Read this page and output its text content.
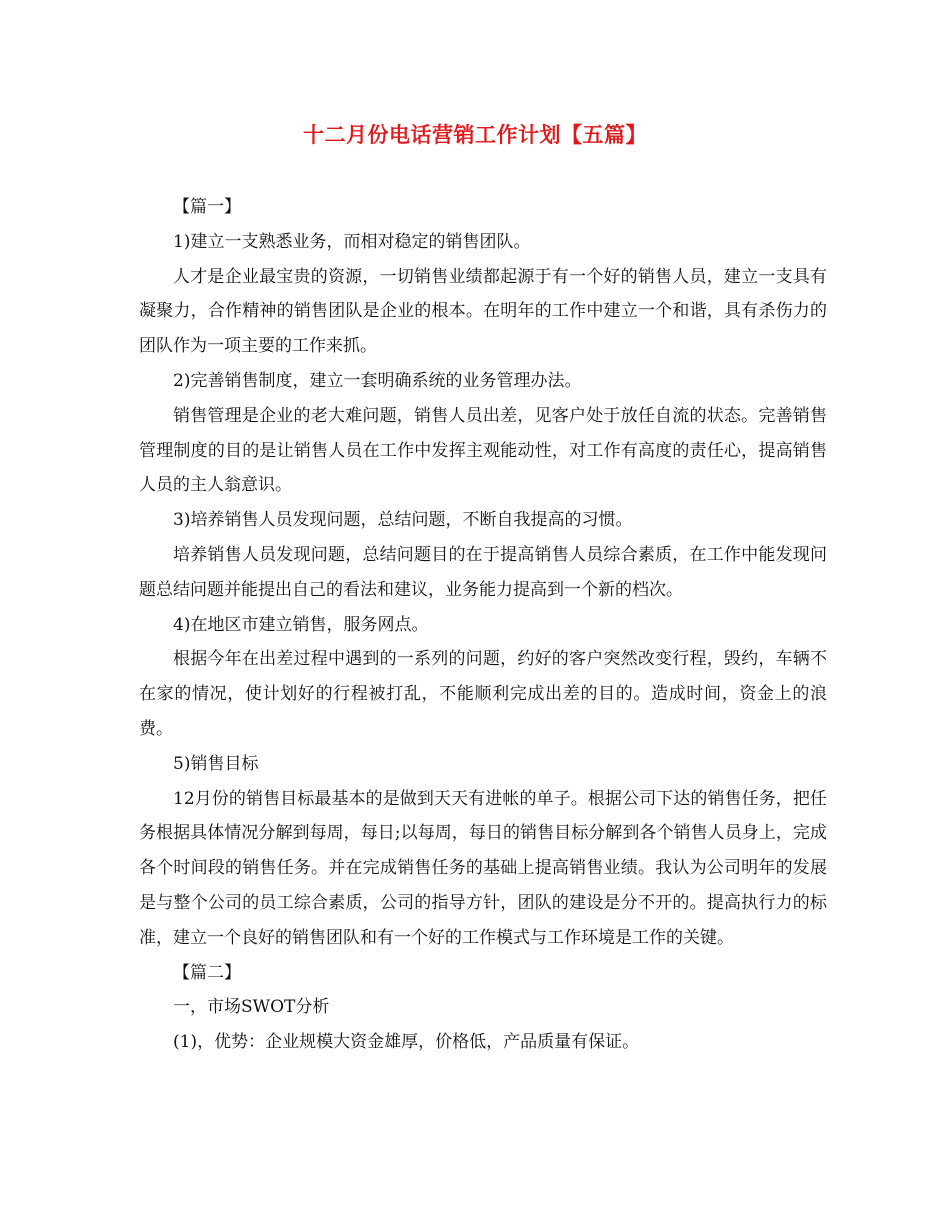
十二月份电话营销工作计划【五篇】

【篇一】

1)建立一支熟悉业务，而相对稳定的销售团队。

人才是企业最宝贵的资源，一切销售业绩都起源于有一个好的销售人员，建立一支具有凝聚力，合作精神的销售团队是企业的根本。在明年的工作中建立一个和谐，具有杀伤力的团队作为一项主要的工作来抓。

2)完善销售制度，建立一套明确系统的业务管理办法。

销售管理是企业的老大难问题，销售人员出差，见客户处于放任自流的状态。完善销售管理制度的目的是让销售人员在工作中发挥主观能动性，对工作有高度的责任心，提高销售人员的主人翁意识。

3)培养销售人员发现问题，总结问题，不断自我提高的习惯。

培养销售人员发现问题，总结问题目的在于提高销售人员综合素质，在工作中能发现问题总结问题并能提出自己的看法和建议，业务能力提高到一个新的档次。

4)在地区市建立销售，服务网点。

根据今年在出差过程中遇到的一系列的问题，约好的客户突然改变行程，毁约，车辆不在家的情况，使计划好的行程被打乱，不能顺利完成出差的目的。造成时间，资金上的浪费。

5)销售目标

12月份的销售目标最基本的是做到天天有进帐的单子。根据公司下达的销售任务，把任务根据具体情况分解到每周，每日;以每周，每日的销售目标分解到各个销售人员身上，完成各个时间段的销售任务。并在完成销售任务的基础上提高销售业绩。我认为公司明年的发展是与整个公司的员工综合素质，公司的指导方针，团队的建设是分不开的。提高执行力的标准，建立一个良好的销售团队和有一个好的工作模式与工作环境是工作的关键。

【篇二】

一，市场SWOT分析

(1)，优势：企业规模大资金雄厚，价格低，产品质量有保证。
